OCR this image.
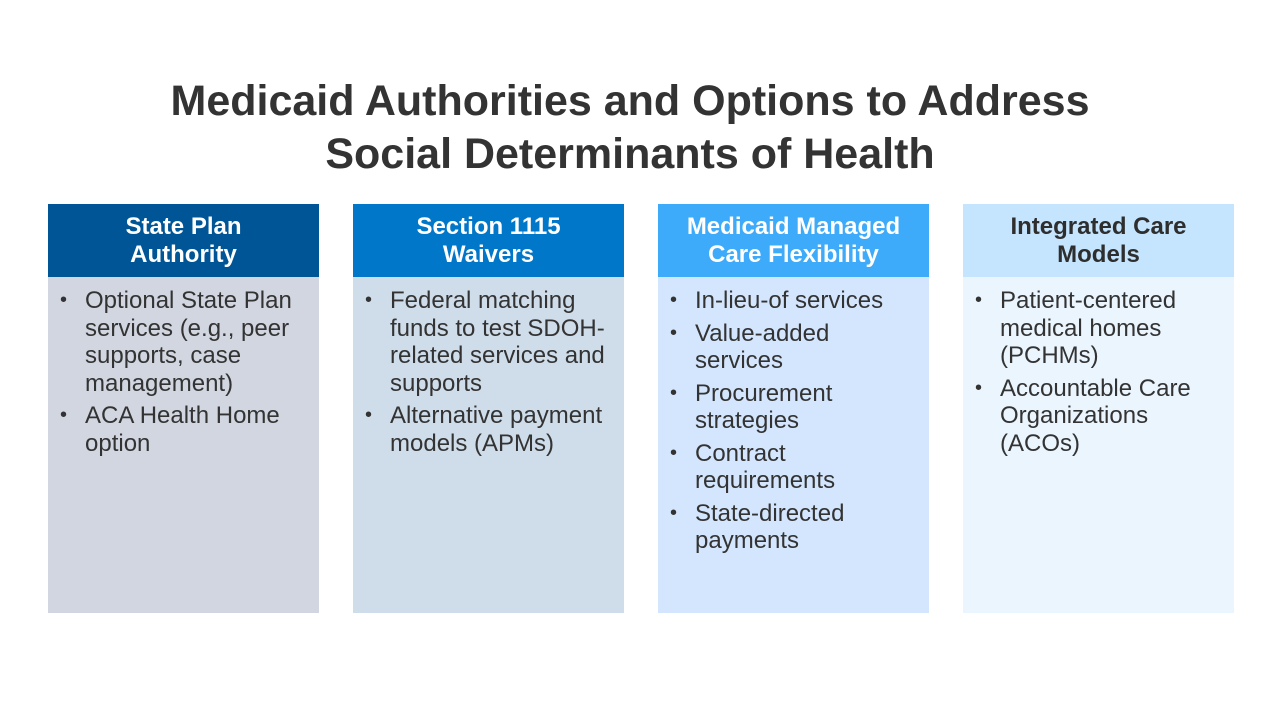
Medicaid Authorities and Options to Address
Social Determinants of Health
State Plan
Authority
• Optional State Plan services (e.g., peer supports, case management)
• ACA Health Home option
Section 1115
Waivers
• Federal matching funds to test SDOH-related services and supports
• Alternative payment models (APMs)
Medicaid Managed
Care Flexibility
• In-lieu-of services
• Value-added services
• Procurement strategies
• Contract requirements
• State-directed payments
Integrated Care
Models
• Patient-centered medical homes (PCHMs)
• Accountable Care Organizations (ACOs)
